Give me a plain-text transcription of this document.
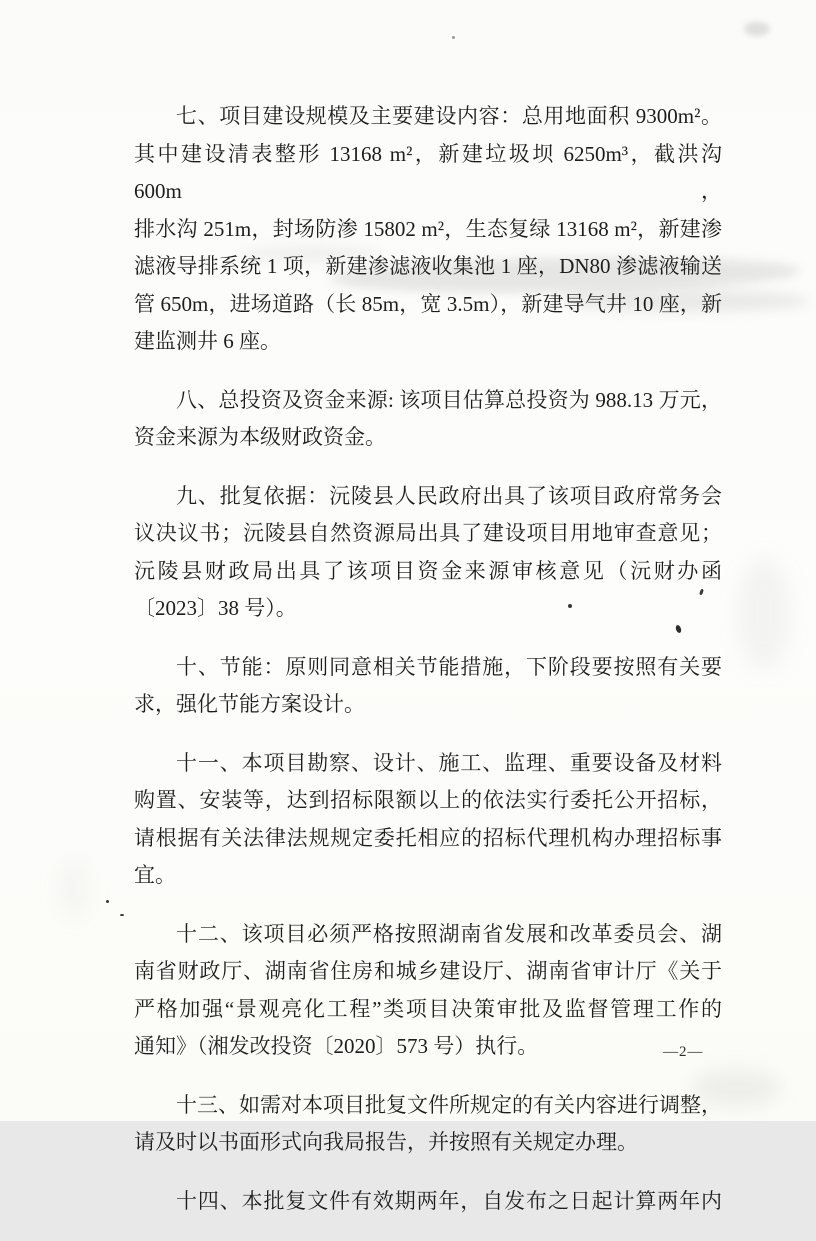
七、项目建设规模及主要建设内容：总用地面积 9300m²。
其中建设清表整形 13168 m²，新建垃圾坝 6250m³，截洪沟 600m，
排水沟 251m，封场防渗 15802 m²，生态复绿 13168 m²，新建渗
滤液导排系统 1 项，新建渗滤液收集池 1 座，DN80 渗滤液输送
管 650m，进场道路（长 85m，宽 3.5m），新建导气井 10 座，新
建监测井 6 座。

八、总投资及资金来源: 该项目估算总投资为 988.13 万元，
资金来源为本级财政资金。

九、批复依据：沅陵县人民政府出具了该项目政府常务会
议决议书；沅陵县自然资源局出具了建设项目用地审查意见；
沅陵县财政局出具了该项目资金来源审核意见（沅财办函
〔2023〕38 号）。

十、节能：原则同意相关节能措施，下阶段要按照有关要
求，强化节能方案设计。

十一、本项目勘察、设计、施工、监理、重要设备及材料
购置、安装等，达到招标限额以上的依法实行委托公开招标，
请根据有关法律法规规定委托相应的招标代理机构办理招标事
宜。

十二、该项目必须严格按照湖南省发展和改革委员会、湖
南省财政厅、湖南省住房和城乡建设厅、湖南省审计厅《关于
严格加强“景观亮化工程”类项目决策审批及监督管理工作的
通知》（湘发改投资〔2020〕573 号）执行。

十三、如需对本项目批复文件所规定的有关内容进行调整，
请及时以书面形式向我局报告，并按照有关规定办理。

十四、本批复文件有效期两年，自发布之日起计算两年内

—2—
